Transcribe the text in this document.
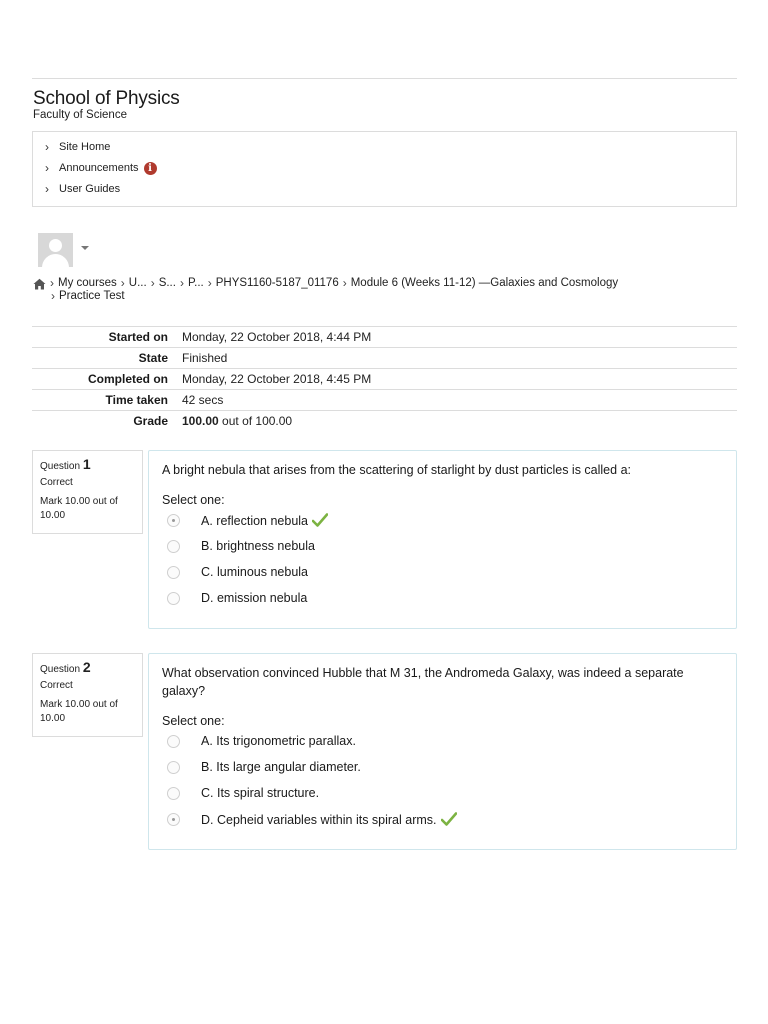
School of Physics
Faculty of Science
› Site Home
› Announcements i
› User Guides
› My courses › U... › S... › P... › PHYS1160-5187_01176 › Module 6 (Weeks 11-12) —Galaxies and Cosmology
› Practice Test
Started on	Monday, 22 October 2018, 4:44 PM
State	Finished
Completed on	Monday, 22 October 2018, 4:45 PM
Time taken	42 secs
Grade	100.00 out of 100.00
Question 1
Correct
Mark 10.00 out of 10.00
A bright nebula that arises from the scattering of starlight by dust particles is called a:
Select one:
A. reflection nebula
B. brightness nebula
C. luminous nebula
D. emission nebula
Question 2
Correct
Mark 10.00 out of 10.00
What observation convinced Hubble that M 31, the Andromeda Galaxy, was indeed a separate galaxy?
Select one:
A. Its trigonometric parallax.
B. Its large angular diameter.
C. Its spiral structure.
D. Cepheid variables within its spiral arms.
